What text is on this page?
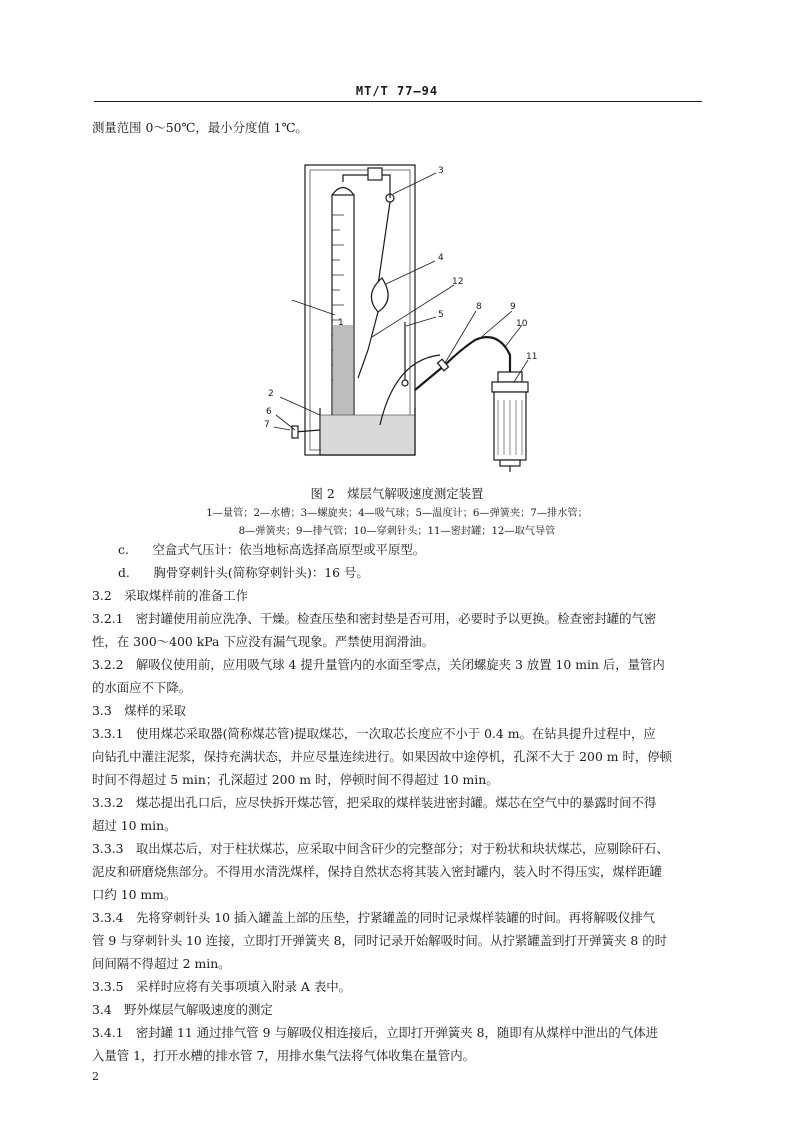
MT/T 77—94
测量范围 0～50℃，最小分度值 1℃。
1
2
3
4
5
6
7
8	9
10
11
12
图 2　煤层气解吸速度测定装置
1—量管；2—水槽；3—螺旋夹；4—吸气球；5—温度计；6—弹簧夹；7—排水管；
8—弹簧夹；9—排气管；10—穿刺针头；11—密封罐；12—取气导管
c. 空盒式气压计：依当地标高选择高原型或平原型。
d. 胸骨穿刺针头(简称穿刺针头)：16 号。
3.2　采取煤样前的准备工作
3.2.1　密封罐使用前应洗净、干燥。检查压垫和密封垫是否可用，必要时予以更换。检查密封罐的气密
性，在 300～400 kPa 下应没有漏气现象。严禁使用润滑油。
3.2.2　解吸仪使用前，应用吸气球 4 提升量管内的水面至零点，关闭螺旋夹 3 放置 10 min 后，量管内
的水面应不下降。
3.3　煤样的采取
3.3.1　使用煤芯采取器(简称煤芯管)提取煤芯，一次取芯长度应不小于 0.4 m。在钻具提升过程中，应
向钻孔中灌注泥浆，保持充满状态，并应尽量连续进行。如果因故中途停机，孔深不大于 200 m 时，停顿
时间不得超过 5 min；孔深超过 200 m 时，停顿时间不得超过 10 min。
3.3.2　煤芯提出孔口后，应尽快拆开煤芯管，把采取的煤样装进密封罐。煤芯在空气中的暴露时间不得
超过 10 min。
3.3.3　取出煤芯后，对于柱状煤芯，应采取中间含矸少的完整部分；对于粉状和块状煤芯，应剔除矸石、
泥皮和研磨烧焦部分。不得用水清洗煤样，保持自然状态将其装入密封罐内，装入时不得压实，煤样距罐
口约 10 mm。
3.3.4　先将穿刺针头 10 插入罐盖上部的压垫，拧紧罐盖的同时记录煤样装罐的时间。再将解吸仪排气
管 9 与穿刺针头 10 连接，立即打开弹簧夹 8，同时记录开始解吸时间。从拧紧罐盖到打开弹簧夹 8 的时
间间隔不得超过 2 min。
3.3.5　采样时应将有关事项填入附录 A 表中。
3.4　野外煤层气解吸速度的测定
3.4.1　密封罐 11 通过排气管 9 与解吸仪相连接后，立即打开弹簧夹 8，随即有从煤样中泄出的气体进
入量管 1，打开水槽的排水管 7，用排水集气法将气体收集在量管内。
2
